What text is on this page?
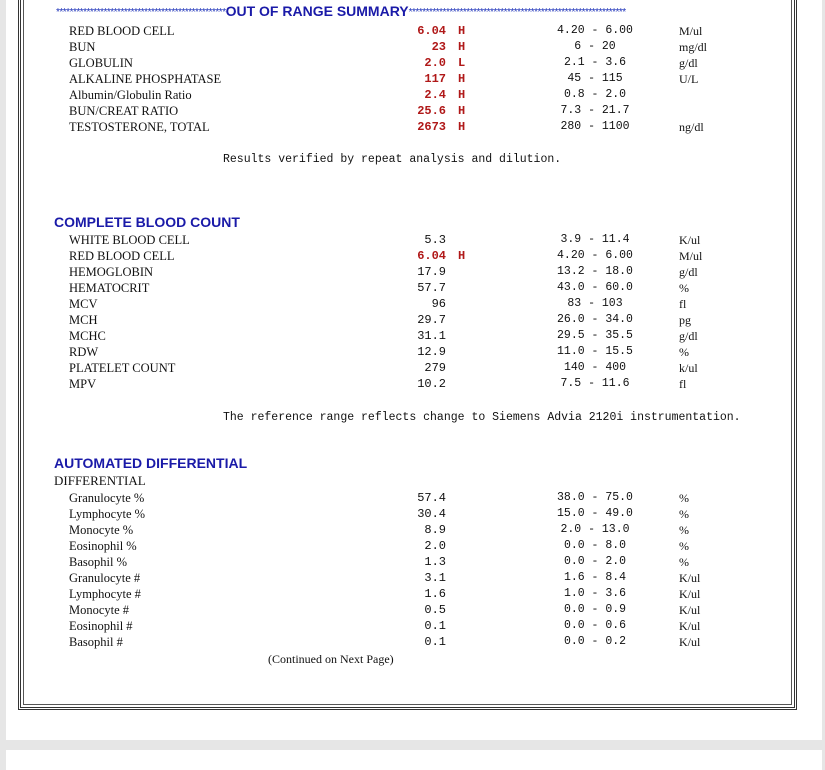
**************************************************OUT OF RANGE SUMMARY****************************************************************
RED BLOOD CELL	6.04 H	4.20 - 6.00	M/ul
BUN	23 H	6 - 20	mg/dl
GLOBULIN	2.0 L	2.1 - 3.6	g/dl
ALKALINE PHOSPHATASE	117 H	45 - 115	U/L
Albumin/Globulin Ratio	2.4 H	0.8 - 2.0
BUN/CREAT RATIO	25.6 H	7.3 - 21.7
TESTOSTERONE, TOTAL	2673 H	280 - 1100	ng/dl
Results verified by repeat analysis and dilution.
COMPLETE BLOOD COUNT
WHITE BLOOD CELL	5.3	3.9 - 11.4	K/ul
RED BLOOD CELL	6.04 H	4.20 - 6.00	M/ul
HEMOGLOBIN	17.9	13.2 - 18.0	g/dl
HEMATOCRIT	57.7	43.0 - 60.0	%
MCV	96	83 - 103	fl
MCH	29.7	26.0 - 34.0	pg
MCHC	31.1	29.5 - 35.5	g/dl
RDW	12.9	11.0 - 15.5	%
PLATELET COUNT	279	140 - 400	k/ul
MPV	10.2	7.5 - 11.6	fl
The reference range reflects change to Siemens Advia 2120i instrumentation.
AUTOMATED DIFFERENTIAL
DIFFERENTIAL
Granulocyte %	57.4	38.0 - 75.0	%
Lymphocyte %	30.4	15.0 - 49.0	%
Monocyte %	8.9	2.0 - 13.0	%
Eosinophil %	2.0	0.0 - 8.0	%
Basophil %	1.3	0.0 - 2.0	%
Granulocyte #	3.1	1.6 - 8.4	K/ul
Lymphocyte #	1.6	1.0 - 3.6	K/ul
Monocyte #	0.5	0.0 - 0.9	K/ul
Eosinophil #	0.1	0.0 - 0.6	K/ul
Basophil #	0.1	0.0 - 0.2	K/ul
(Continued on Next Page)
